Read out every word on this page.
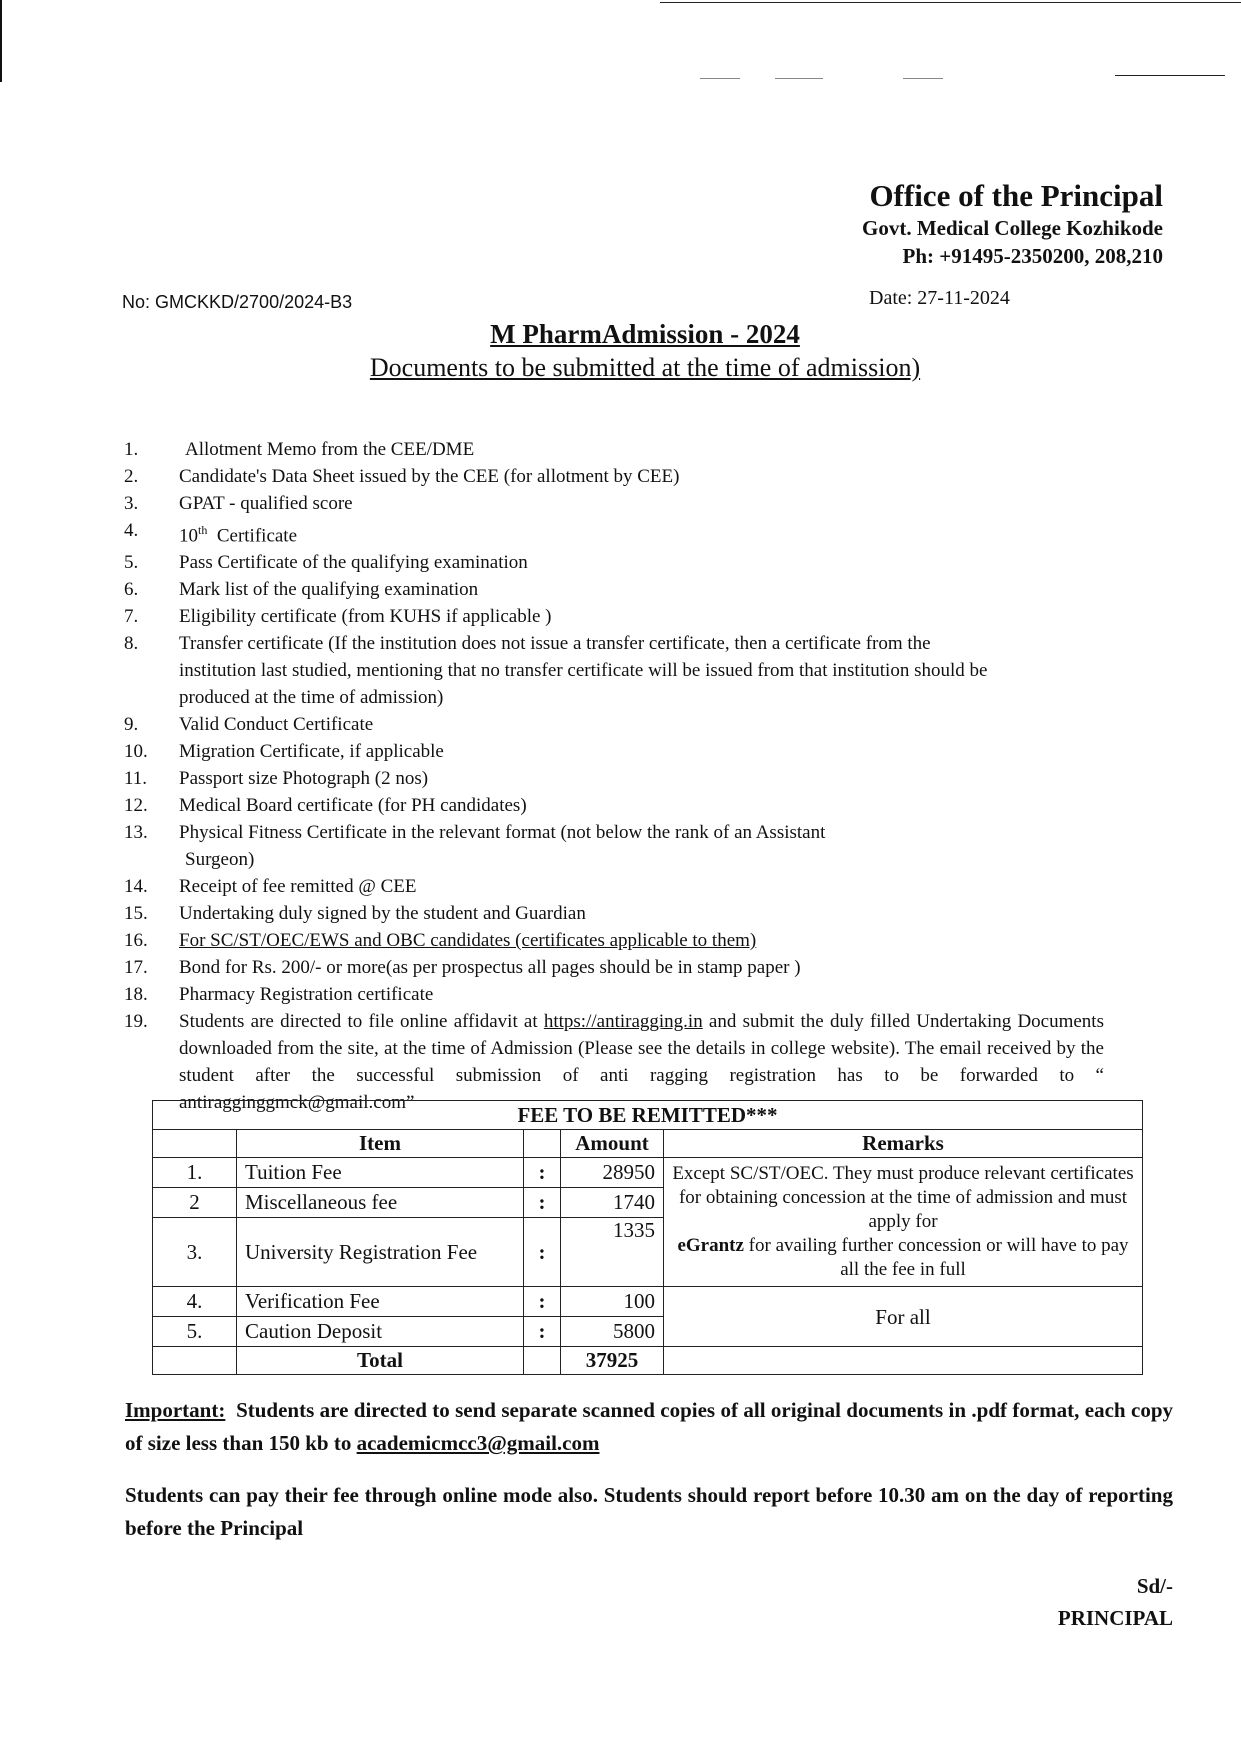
Office of the Principal
Govt. Medical College Kozhikode
Ph: +91495-2350200, 208,210
No: GMCKKD/2700/2024-B3	Date: 27-11-2024
M PharmAdmission - 2024
Documents to be submitted at the time of admission)
1. Allotment Memo from the CEE/DME
2. Candidate's Data Sheet issued by the CEE (for allotment by CEE)
3. GPAT - qualified score
4. 10th  Certificate
5. Pass Certificate of the qualifying examination
6. Mark list of the qualifying examination
7. Eligibility certificate (from KUHS if applicable )
8. Transfer certificate (If the institution does not issue a transfer certificate, then a certificate from the institution last studied, mentioning that no transfer certificate will be issued from that institution should be produced at the time of admission)
9. Valid Conduct Certificate
10. Migration Certificate, if applicable
11. Passport size Photograph (2 nos)
12. Medical Board certificate (for PH candidates)
13. Physical Fitness Certificate in the relevant format (not below the rank of an Assistant
Surgeon)
14. Receipt of fee remitted @ CEE
15. Undertaking duly signed by the student and Guardian
16. For SC/ST/OEC/EWS and OBC candidates (certificates applicable to them)
17. Bond for Rs. 200/- or more(as per prospectus all pages should be in stamp paper )
18. Pharmacy Registration certificate
19. Students are directed to file online affidavit at https://antiragging.in and submit the duly filled Undertaking Documents downloaded from the site, at the time of Admission (Please see the details in college website). The email received by the student after the successful submission of anti ragging registration has to be forwarded to “ antiragginggmck@gmail.com”	FEE TO BE REMITTED***				
	Item		Amount	Remarks
1.	Tuition Fee	:	28950	Except SC/ST/OEC. They must produce relevant certificates for obtaining concession at the time of admission and must apply for
eGrantz for availing further concession or will have to pay all the fee in full
2	Miscellaneous fee	:	1740	
3.	University Registration Fee	:	1335	
4.	Verification Fee	:	100	For all
5.	Caution Deposit	:	5800	
	Total		37925	
Important:  Students are directed to send separate scanned copies of all original documents in .pdf format, each copy of size less than 150 kb to academicmcc3@gmail.com
Students can pay their fee through online mode also. Students should report before 10.30 am on the day of reporting before the Principal
Sd/-
PRINCIPAL
